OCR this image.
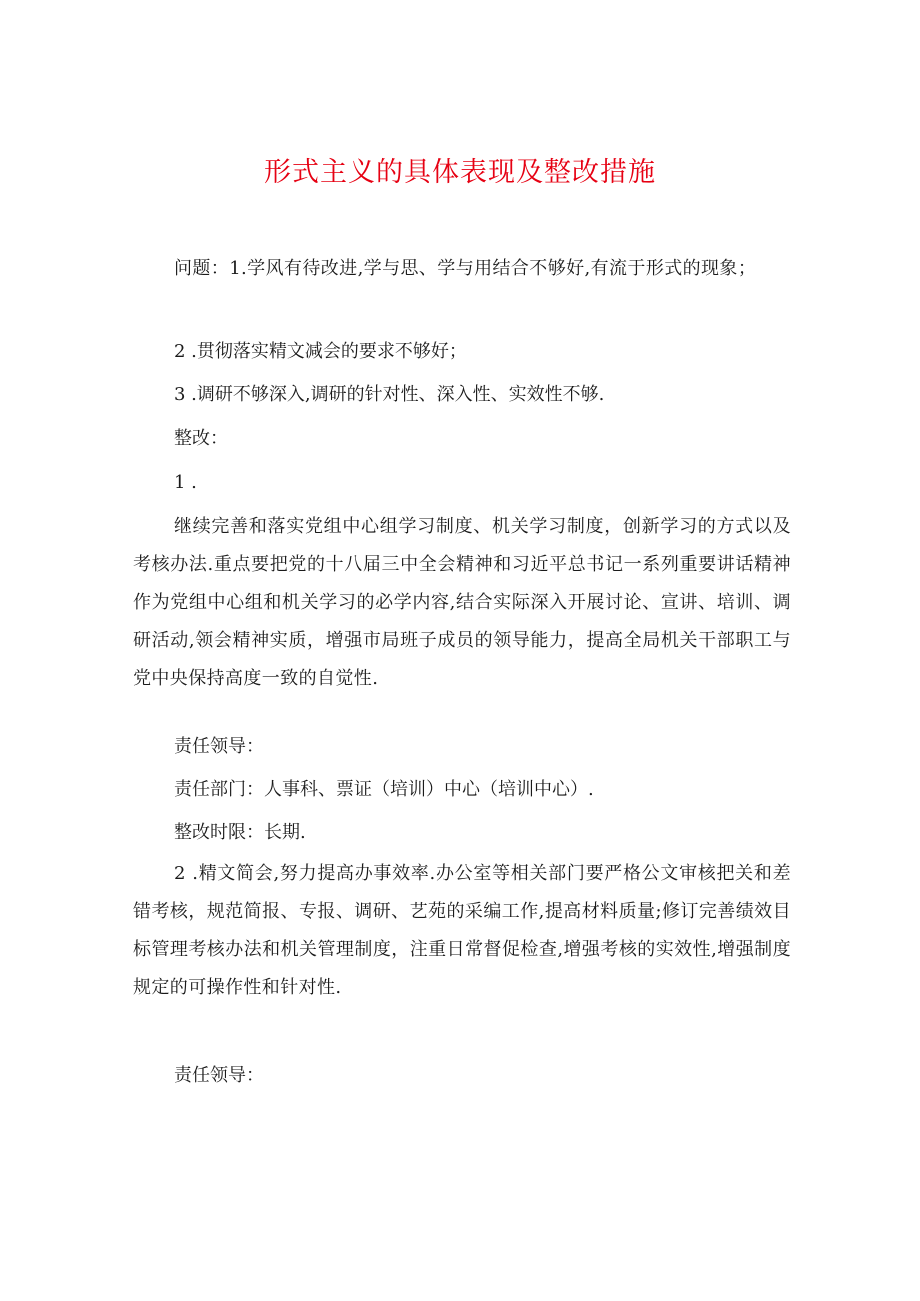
形式主义的具体表现及整改措施

问题：1.学风有待改进,学与思、学与用结合不够好,有流于形式的现象；

2 .贯彻落实精文减会的要求不够好；

3 .调研不够深入,调研的针对性、深入性、实效性不够.

整改：

1 .

继续完善和落实党组中心组学习制度、机关学习制度，创新学习的方式以及考核办法.重点要把党的十八届三中全会精神和习近平总书记一系列重要讲话精神作为党组中心组和机关学习的必学内容,结合实际深入开展讨论、宣讲、培训、调研活动,领会精神实质，增强市局班子成员的领导能力，提高全局机关干部职工与党中央保持高度一致的自觉性.

责任领导：

责任部门：人事科、票证（培训）中心（培训中心）.

整改时限：长期.

2 .精文简会,努力提高办事效率.办公室等相关部门要严格公文审核把关和差错考核，规范简报、专报、调研、艺苑的采编工作,提高材料质量;修订完善绩效目标管理考核办法和机关管理制度，注重日常督促检查,增强考核的实效性,增强制度规定的可操作性和针对性.

责任领导：
